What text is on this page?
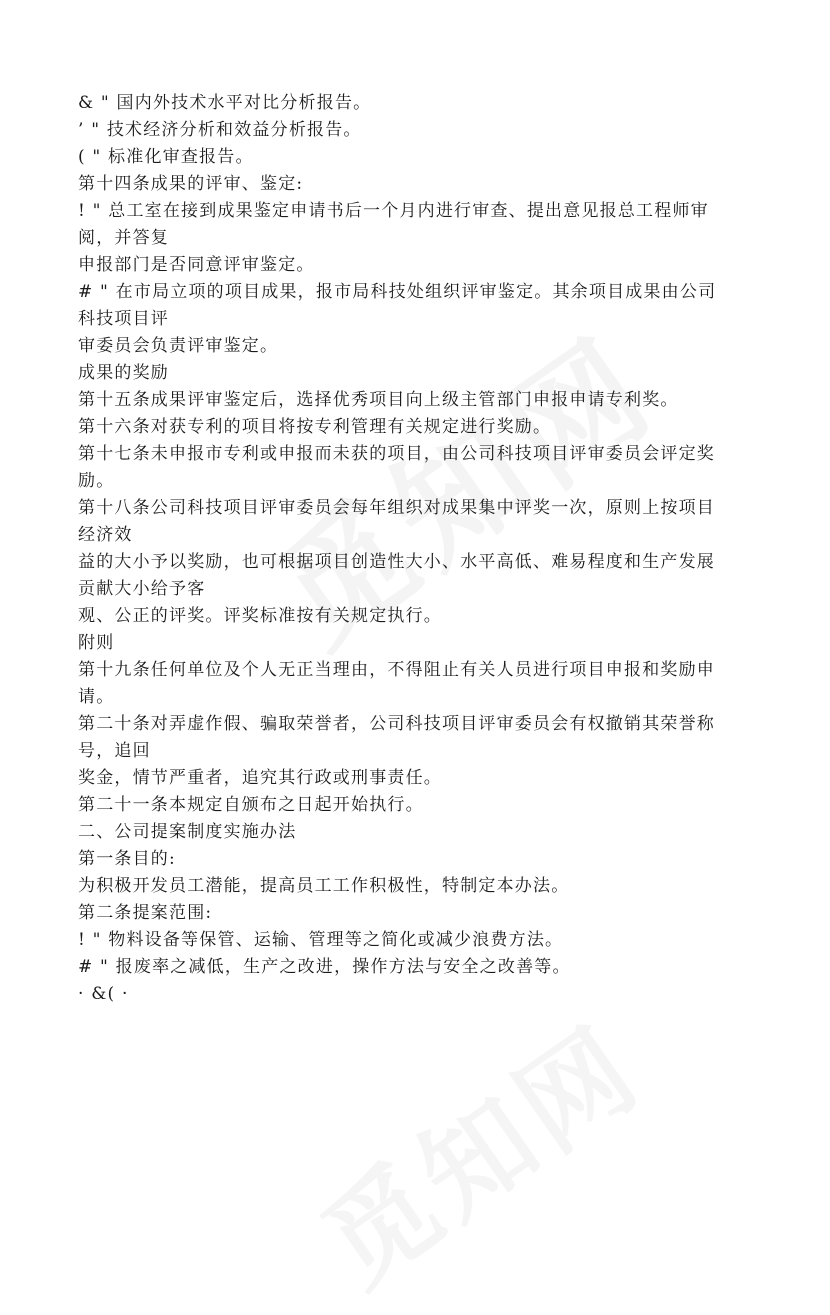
& " 国内外技术水平对比分析报告。
’ " 技术经济分析和效益分析报告。
( " 标准化审查报告。
第十四条成果的评审、鉴定:
! " 总工室在接到成果鉴定申请书后一个月内进行审查、提出意见报总工程师审
阅，并答复
申报部门是否同意评审鉴定。
# " 在市局立项的项目成果，报市局科技处组织评审鉴定。其余项目成果由公司
科技项目评
审委员会负责评审鉴定。
成果的奖励
第十五条成果评审鉴定后，选择优秀项目向上级主管部门申报申请专利奖。
第十六条对获专利的项目将按专利管理有关规定进行奖励。
第十七条未申报市专利或申报而未获的项目，由公司科技项目评审委员会评定奖
励。
第十八条公司科技项目评审委员会每年组织对成果集中评奖一次，原则上按项目
经济效
益的大小予以奖励，也可根据项目创造性大小、水平高低、难易程度和生产发展
贡献大小给予客
观、公正的评奖。评奖标准按有关规定执行。
附则
第十九条任何单位及个人无正当理由，不得阻止有关人员进行项目申报和奖励申
请。
第二十条对弄虚作假、骗取荣誉者，公司科技项目评审委员会有权撤销其荣誉称
号，追回
奖金，情节严重者，追究其行政或刑事责任。
第二十一条本规定自颁布之日起开始执行。
二、公司提案制度实施办法
第一条目的:
为积极开发员工潜能，提高员工工作积极性，特制定本办法。
第二条提案范围:
! " 物料设备等保管、运输、管理等之简化或减少浪费方法。
# " 报废率之减低，生产之改进，操作方法与安全之改善等。
· &( ·
